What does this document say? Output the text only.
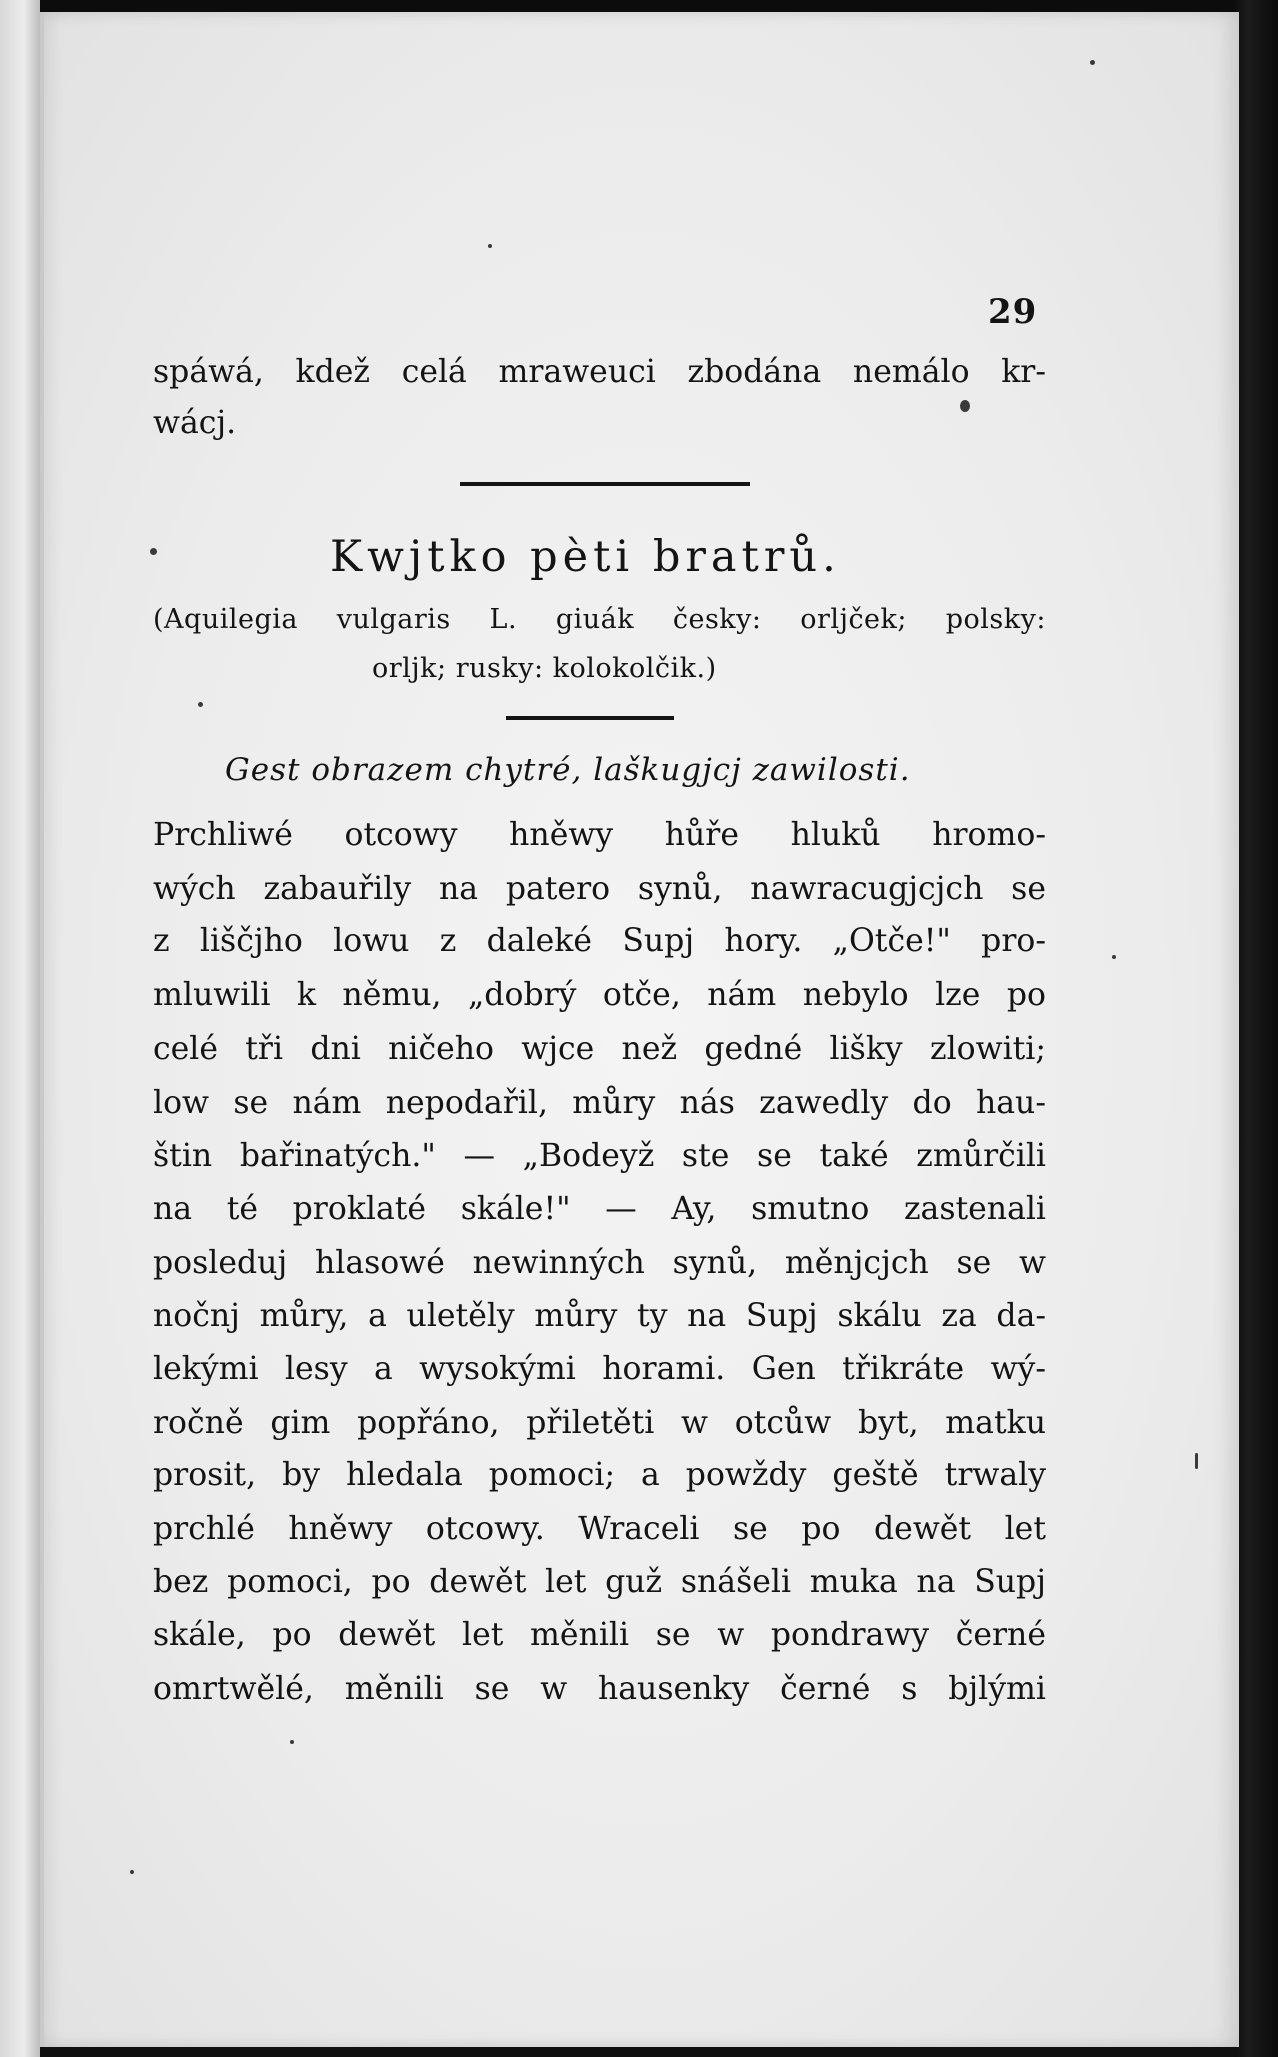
29
spáwá, kdež celá mraweuci zbodána nemálo kr-
wácj.
Kwjtko pèti bratrů.
(Aquilegia vulgaris L. giuák česky: orljček; polsky:
orljk; rusky: kolokolčik.)
Gest obrazem chytré, laškugjcj zawilosti.
Prchliwé otcowy hněwy hůře hluků hromo-
wých zabauřily na patero synů, nawracugjcjch se
z liščjho lowu z daleké Supj hory. „Otče!" pro-
mluwili k němu, „dobrý otče, nám nebylo lze po
celé tři dni ničeho wjce než gedné lišky zlowiti;
low se nám nepodařil, můry nás zawedly do hau-
štin bařinatých." — „Bodeyž ste se také zmůrčili
na té proklaté skále!" — Ay, smutno zastenali
posleduj hlasowé newinných synů, měnjcjch se w
nočnj můry, a uletěly můry ty na Supj skálu za da-
lekými lesy a wysokými horami. Gen třikráte wý-
ročně gim popřáno, přiletěti w otcůw byt, matku
prosit, by hledala pomoci; a powždy geště trwaly
prchlé hněwy otcowy. Wraceli se po dewět let
bez pomoci, po dewět let guž snášeli muka na Supj
skále, po dewět let měnili se w pondrawy černé
omrtwělé, měnili se w hausenky černé s bjlými
